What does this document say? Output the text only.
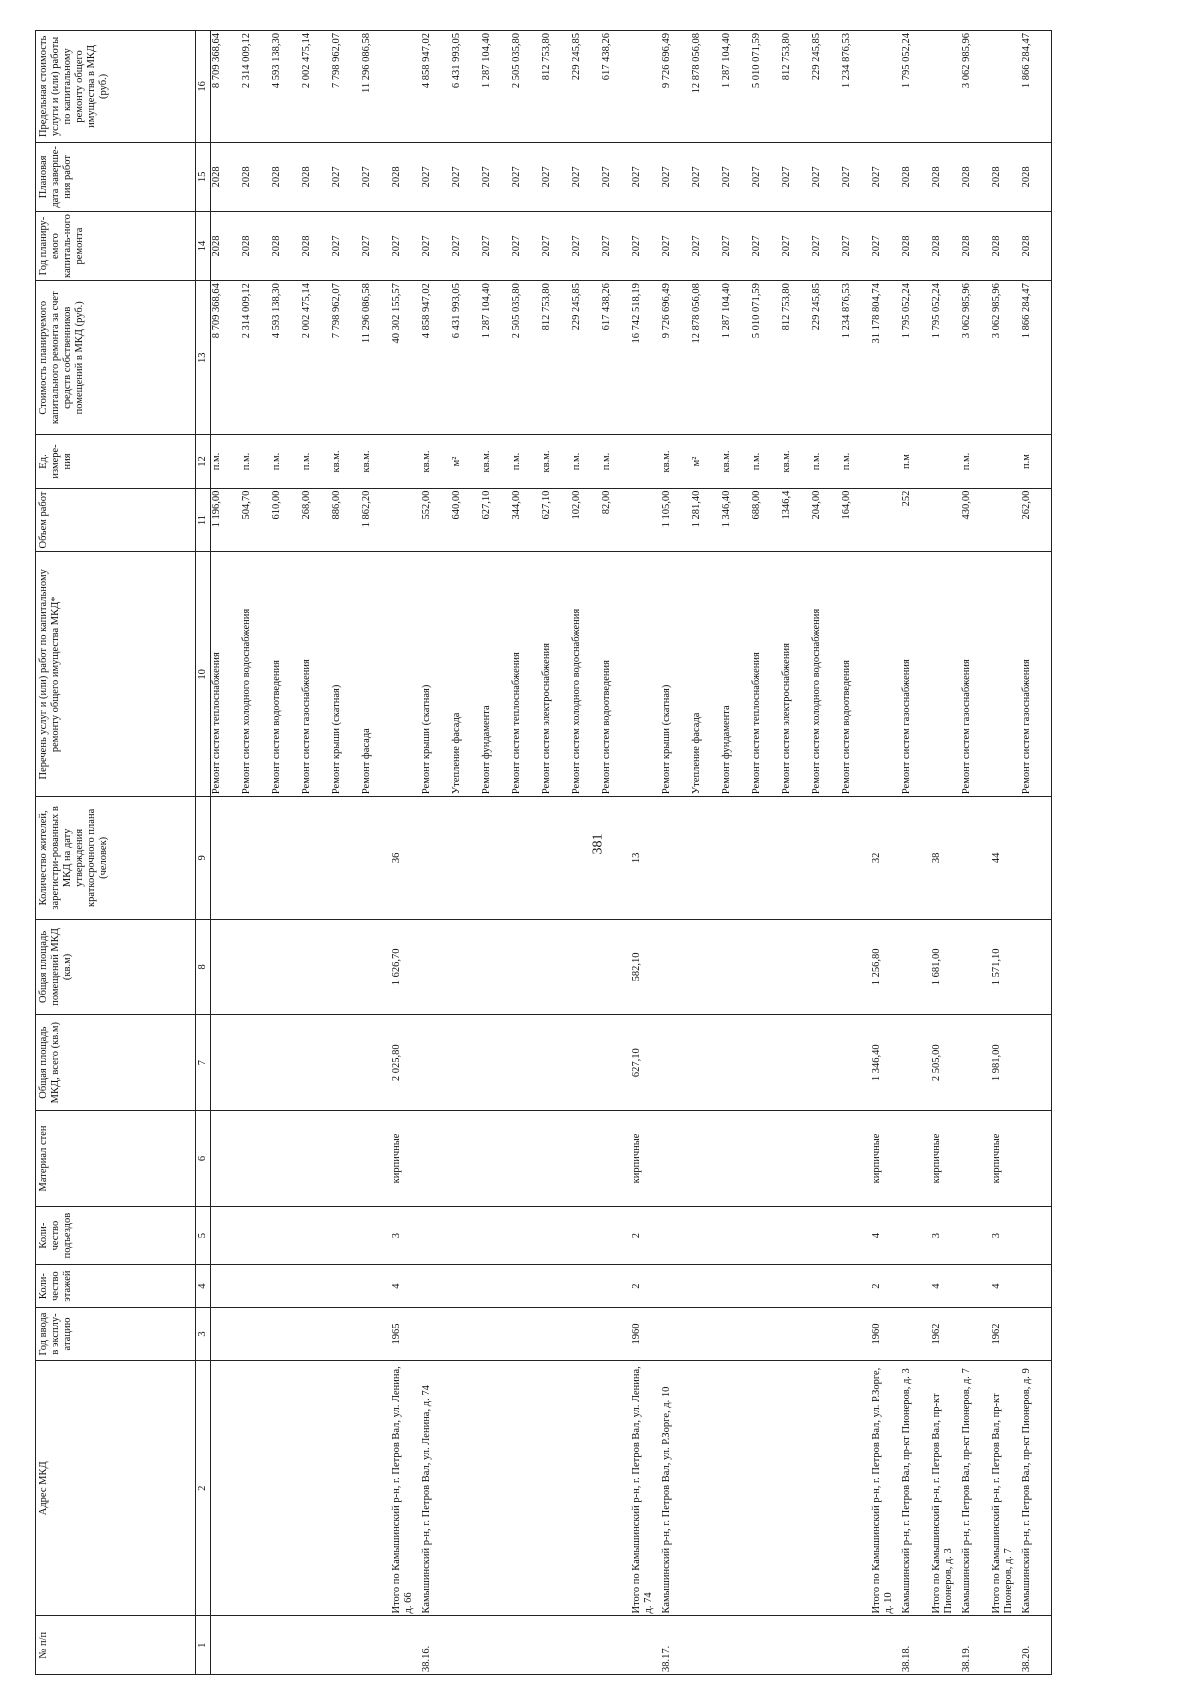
381
№ п/п	Адрес МКД	Год ввода в эксплу-атацию	Коли-чество этажей	Коли-чество подъездов	Материал стен	Общая площадь МКД, всего (кв.м)	Общая площадь помещений МКД (кв.м)	Количество жителей, зарегистри-рованных в МКД на дату утверждения краткосрочного плана (человек)	Перечень услуг и (или) работ по капитальному ремонту общего имущества МКД*	Объем работ	Ед. измере-ния	Стоимость планируемого капитального ремонта за счет средств собственников помещений в МКД (руб.)	Год планиру-емого капиталь-ного ремонта	Плановая дата заверше-ния работ	Предельная стоимость услуги и (или) работы по капитальному ремонту общего имущества в МКД (руб.)
1	2	3	4	5	6	7	8	9	10	11	12	13	14	15	16
									Ремонт систем теплоснабжения	1 196,00	п.м.	8 709 368,64	2028	2028	8 709 368,64
									Ремонт систем холодного водоснабжения	504,70	п.м.	2 314 009,12	2028	2028	2 314 009,12
									Ремонт систем водоотведения	610,00	п.м.	4 593 138,30	2028	2028	4 593 138,30
									Ремонт систем газоснабжения	268,00	п.м.	2 002 475,14	2028	2028	2 002 475,14
									Ремонт крыши (скатная)	886,00	кв.м.	7 798 962,07	2027	2027	7 798 962,07
									Ремонт фасада	1 862,20	кв.м.	11 296 086,58	2027	2027	11 296 086,58
	Итого по Камышинский р-н, г. Петров Вал, ул. Ленина, д. 66	1965	4	3	кирпичные	2 025,80	1 626,70	36				40 302 155,57	2027	2028	
38.16.	Камышинский р-н, г. Петров Вал, ул. Ленина, д. 74								Ремонт крыши (скатная)	552,00	кв.м.	4 858 947,02	2027	2027	4 858 947,02
									Утепление фасада	640,00	м²	6 431 993,05	2027	2027	6 431 993,05
									Ремонт фундамента	627,10	кв.м.	1 287 104,40	2027	2027	1 287 104,40
									Ремонт систем теплоснабжения	344,00	п.м.	2 505 035,80	2027	2027	2 505 035,80
									Ремонт систем электроснабжения	627,10	кв.м.	812 753,80	2027	2027	812 753,80
									Ремонт систем холодного водоснабжения	102,00	п.м.	229 245,85	2027	2027	229 245,85
									Ремонт систем водоотведения	82,00	п.м.	617 438,26	2027	2027	617 438,26
	Итого по Камышинский р-н, г. Петров Вал, ул. Ленина, д. 74	1960	2	2	кирпичные	627,10	582,10	13				16 742 518,19	2027	2027	
38.17.	Камышинский р-н, г. Петров Вал, ул. Р.Зорге, д. 10								Ремонт крыши (скатная)	1 105,00	кв.м.	9 726 696,49	2027	2027	9 726 696,49
									Утепление фасада	1 281,40	м²	12 878 056,08	2027	2027	12 878 056,08
									Ремонт фундамента	1 346,40	кв.м.	1 287 104,40	2027	2027	1 287 104,40
									Ремонт систем теплоснабжения	688,00	п.м.	5 010 071,59	2027	2027	5 010 071,59
									Ремонт систем электроснабжения	1346,4	кв.м.	812 753,80	2027	2027	812 753,80
									Ремонт систем холодного водоснабжения	204,00	п.м.	229 245,85	2027	2027	229 245,85
									Ремонт систем водоотведения	164,00	п.м.	1 234 876,53	2027	2027	1 234 876,53
	Итого по Камышинский р-н, г. Петров Вал, ул. Р.Зорге, д. 10	1960	2	4	кирпичные	1 346,40	1 256,80	32				31 178 804,74	2027	2027	
38.18.	Камышинский р-н, г. Петров Вал, пр-кт Пионеров, д. 3								Ремонт систем газоснабжения	252	п.м	1 795 052,24	2028	2028	1 795 052,24
	Итого по Камышинский р-н, г. Петров Вал, пр-кт Пионеров, д. 3	1962	4	3	кирпичные	2 505,00	1 681,00	38				1 795 052,24	2028	2028	
38.19.	Камышинский р-н, г. Петров Вал, пр-кт Пионеров, д. 7								Ремонт систем газоснабжения	430,00	п.м.	3 062 985,96	2028	2028	3 062 985,96
	Итого по Камышинский р-н, г. Петров Вал, пр-кт Пионеров, д. 7	1962	4	3	кирпичные	1 981,00	1 571,10	44				3 062 985,96	2028	2028	
38.20.	Камышинский р-н, г. Петров Вал, пр-кт Пионеров, д. 9								Ремонт систем газоснабжения	262,00	п.м	1 866 284,47	2028	2028	1 866 284,47
